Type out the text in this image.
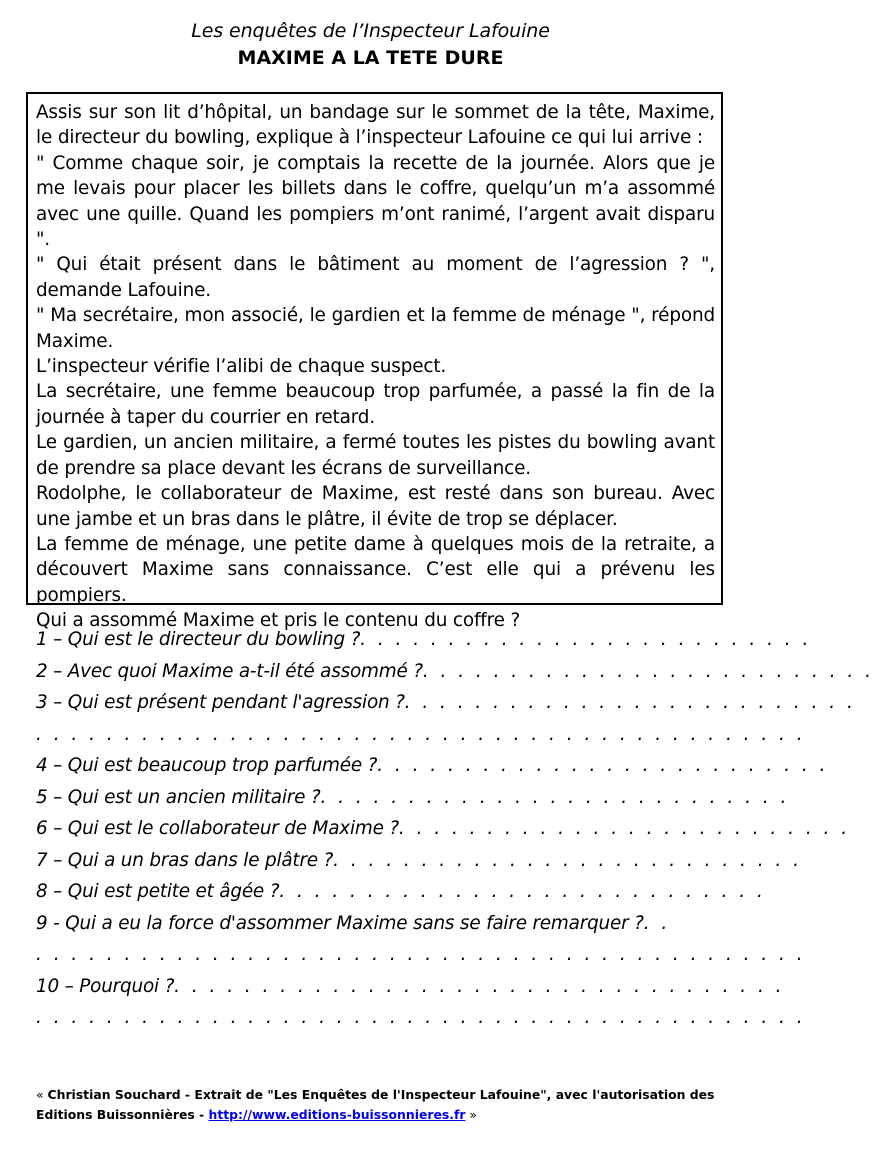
Les enquêtes de l’Inspecteur Lafouine
MAXIME A LA TETE DURE

Assis sur son lit d’hôpital, un bandage sur le sommet de la tête, Maxime, le directeur du bowling, explique à l’inspecteur Lafouine ce qui lui arrive :

" Comme chaque soir, je comptais la recette de la journée. Alors que je me levais pour placer les billets dans le coffre, quelqu’un m’a assommé avec une quille. Quand les pompiers m’ont ranimé, l’argent avait disparu ".

" Qui était présent dans le bâtiment au moment de l’agression ? ", demande Lafouine.

" Ma secrétaire, mon associé, le gardien et la femme de ménage ", répond Maxime.

L’inspecteur vérifie l’alibi de chaque suspect.

La secrétaire, une femme beaucoup trop parfumée, a passé la fin de la journée à taper du courrier en retard.

Le gardien, un ancien militaire, a fermé toutes les pistes du bowling avant de prendre sa place devant les écrans de surveillance.

Rodolphe, le collaborateur de Maxime, est resté dans son bureau. Avec une jambe et un bras dans le plâtre, il évite de trop se déplacer.

La femme de ménage, une petite dame à quelques mois de la retraite, a découvert Maxime sans connaissance. C’est elle qui a prévenu les pompiers.

Qui a assommé Maxime et pris le contenu du coffre ?

1 – Qui est le directeur du bowling ?. . . . . . . . . . . . . . . . . . . . . . . . . .
2 – Avec quoi Maxime a-t-il été assommé ?. . . . . . . . . . . . . . . . . . . . . . . . . .
3 – Qui est présent pendant l'agression ?. . . . . . . . . . . . . . . . . . . . . . . . . .
. . . . . . . . . . . . . . . . . . . . . . . . . . . . . . . . . . . . . . . . . . . .
4 – Qui est beaucoup trop parfumée ?. . . . . . . . . . . . . . . . . . . . . . . . . .
5 – Qui est un ancien militaire ?. . . . . . . . . . . . . . . . . . . . . . . . . . .
6 – Qui est le collaborateur de Maxime ?. . . . . . . . . . . . . . . . . . . . . . . . . .
7 – Qui a un bras dans le plâtre ?. . . . . . . . . . . . . . . . . . . . . . . . . . .
8 – Qui est petite et âgée ?. . . . . . . . . . . . . . . . . . . . . . . . . . . .
9 - Qui a eu la force d'assommer Maxime sans se faire remarquer ?. .
. . . . . . . . . . . . . . . . . . . . . . . . . . . . . . . . . . . . . . . . . . . .
10 – Pourquoi ?. . . . . . . . . . . . . . . . . . . . . . . . . . . . . . . . . . .
. . . . . . . . . . . . . . . . . . . . . . . . . . . . . . . . . . . . . . . . . . . .
« Christian Souchard - Extrait de "Les Enquêtes de l'Inspecteur Lafouine", avec l'autorisation des Editions Buissonnières - http://www.editions-buissonnieres.fr »
